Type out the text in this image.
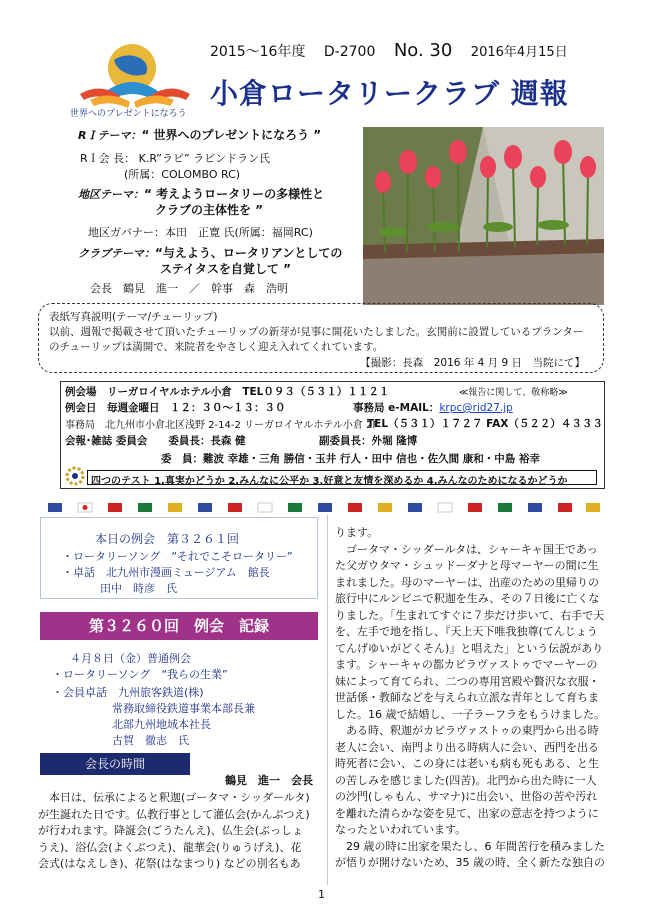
世界へのプレゼントになろう
2015～16年度 D-2700 No. 30 2016年4月15日
小倉ロータリークラブ 週報
RＩテーマ：“ 世界へのプレゼントになろう ”
RＩ会 長： K.R”ラビ” ラビンドラン氏
(所属：COLOMBO RC)
地区テーマ：“ 考えようロータリーの多様性と
クラブの主体性を ”
地区ガバナー：本田　正寛 氏(所属：福岡RC)
クラブテーマ：“与えよう、ロータリアンとしての
ステイタスを自覚して ”
会長　鶴見　進一　／　幹事　森　浩明
表紙写真説明(テーマ/チューリップ)
以前、週報で掲載させて頂いたチューリップの新芽が見事に開花いたしました。玄関前に設置しているプランター
のチューリップは満開で、来院者をやさしく迎え入れてくれています。
【撮影：長森　2016 年 4 月 9 日　当院にて】
例会場　リーガロイヤルホテル小倉　TEL０９３（５３１）１１２１	≪報告に関して、敬称略≫
例会日　毎週金曜日　１２：３０～１３：３０	事務局 e-MAIL：krpc@rid27.jp
事務局　北九州市小倉北区浅野 2-14-2 リーガロイヤルホテル小倉 2F
TEL（５３１）１７２７ FAX（５２２）４３３３
会報･雑誌 委員会　　委員長：長森 健　　　　　　　副委員長：外堀 隆博
委　員：難波 幸雄・三角 勝信・玉井 行人・田中 信也・佐久間 康和・中島 裕幸
四つのテスト 1.真実かどうか 2.みんなに公平か 3.好意と友情を深めるか 4.みんなのためになるかどうか
本日の例会　第３２６１回
・ロータリーソング　“それでこそロータリー”
・卓話　北九州市漫画ミュージアム　館長
田中　時彦　氏
第３２６０回　例会　記録
４月８日（金）普通例会
・ロータリーソング　“我らの生業”
・会員卓話　九州旅客鉄道(株)
常務取締役鉄道事業本部長兼
北部九州地域本社長
古賀　徹志　氏
会長の時間
鶴見　進一　会長
　本日は、伝承によると釈迦(ゴータマ・シッダールタ)
が生誕れた日です。仏教行事として灌仏会(かんぶつえ)
が行われます。降誕会(ごうたんえ)、仏生会(ぶっしょ
うえ)、浴仏会(よくぶつえ)、龍華会(りゅうげえ)、花
会式(はなえしき)、花祭(はなまつり) などの別名もあ
ります。
　ゴータマ・シッダールタは、シャーキャ国王であっ
た父ガウタマ・シュッドーダナと母マーヤーの間に生
まれました。母のマーヤーは、出産のための里帰りの
旅行中にルンビニで釈迦を生み、その７日後に亡くな
りました。｢生まれてすぐに７歩だけ歩いて、右手で天
を、左手で地を指し、『天上天下唯我独尊(てんじょう
てんげゆいがどくそん)』と唱えた」という伝説があり
ます。シャーキャの都カピラヴァストゥでマーヤーの
妹によって育てられ、二つの専用宮殿や贅沢な衣服・
世話係・教師などを与えられ立派な青年として育ちま
した。16 歳で結婚し、一子ラーフラをもうけました。
　ある時、釈迦がカピラヴァストゥの東門から出る時
老人に会い、南門より出る時病人に会い、西門を出る
時死者に会い、この身には老いも病も死もある、と生
の苦しみを感じました(四苦)。北門から出た時に一人
の沙門(しゃもん、サマナ)に出会い、世俗の苦や汚れ
を離れた清らかな姿を見て、出家の意志を持つように
なったといわれています。
　29 歳の時に出家を果たし、6 年間苦行を積みました
が悟りが開けないため、35 歳の時、全く新たな独自の
1
